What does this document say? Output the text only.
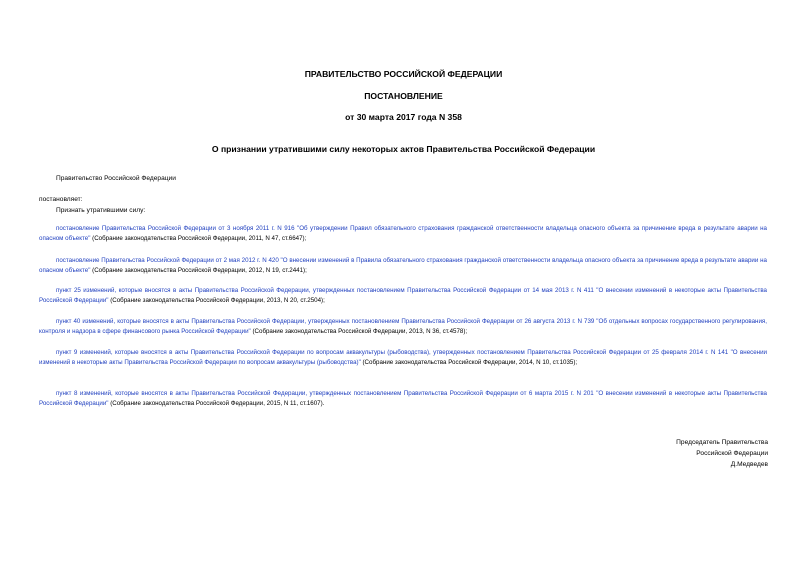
ПРАВИТЕЛЬСТВО РОССИЙСКОЙ ФЕДЕРАЦИИ
ПОСТАНОВЛЕНИЕ
от 30 марта 2017 года N 358
О признании утратившими силу некоторых актов Правительства Российской Федерации
Правительство Российской Федерации
постановляет:
Признать утратившими силу:
постановление Правительства Российской Федерации от 3 ноября 2011 г. N 916 "Об утверждении Правил обязательного страхования гражданской ответственности владельца опасного объекта за причинение вреда в результате аварии на опасном объекте" (Собрание законодательства Российской Федерации, 2011, N 47, ст.6647);
постановление Правительства Российской Федерации от 2 мая 2012 г. N 420 "О внесении изменений в Правила обязательного страхования гражданской ответственности владельца опасного объекта за причинение вреда в результате аварии на опасном объекте" (Собрание законодательства Российской Федерации, 2012, N 19, ст.2441);
пункт 25 изменений, которые вносятся в акты Правительства Российской Федерации, утвержденных постановлением Правительства Российской Федерации от 14 мая 2013 г. N 411 "О внесении изменений в некоторые акты Правительства Российской Федерации" (Собрание законодательства Российской Федерации, 2013, N 20, ст.2504);
пункт 40 изменений, которые вносятся в акты Правительства Российской Федерации, утвержденных постановлением Правительства Российской Федерации от 26 августа 2013 г. N 739 "Об отдельных вопросах государственного регулирования, контроля и надзора в сфере финансового рынка Российской Федерации" (Собрание законодательства Российской Федерации, 2013, N 36, ст.4578);
пункт 9 изменений, которые вносятся в акты Правительства Российской Федерации по вопросам аквакультуры (рыбоводства), утвержденных постановлением Правительства Российской Федерации от 25 февраля 2014 г. N 141 "О внесении изменений в некоторые акты Правительства Российской Федерации по вопросам аквакультуры (рыбоводства)" (Собрание законодательства Российской Федерации, 2014, N 10, ст.1035);
пункт 8 изменений, которые вносятся в акты Правительства Российской Федерации, утвержденных постановлением Правительства Российской Федерации от 6 марта 2015 г. N 201 "О внесении изменений в некоторые акты Правительства Российской Федерации" (Собрание законодательства Российской Федерации, 2015, N 11, ст.1607).
Председатель Правительства
Российской Федерации
Д.Медведев
